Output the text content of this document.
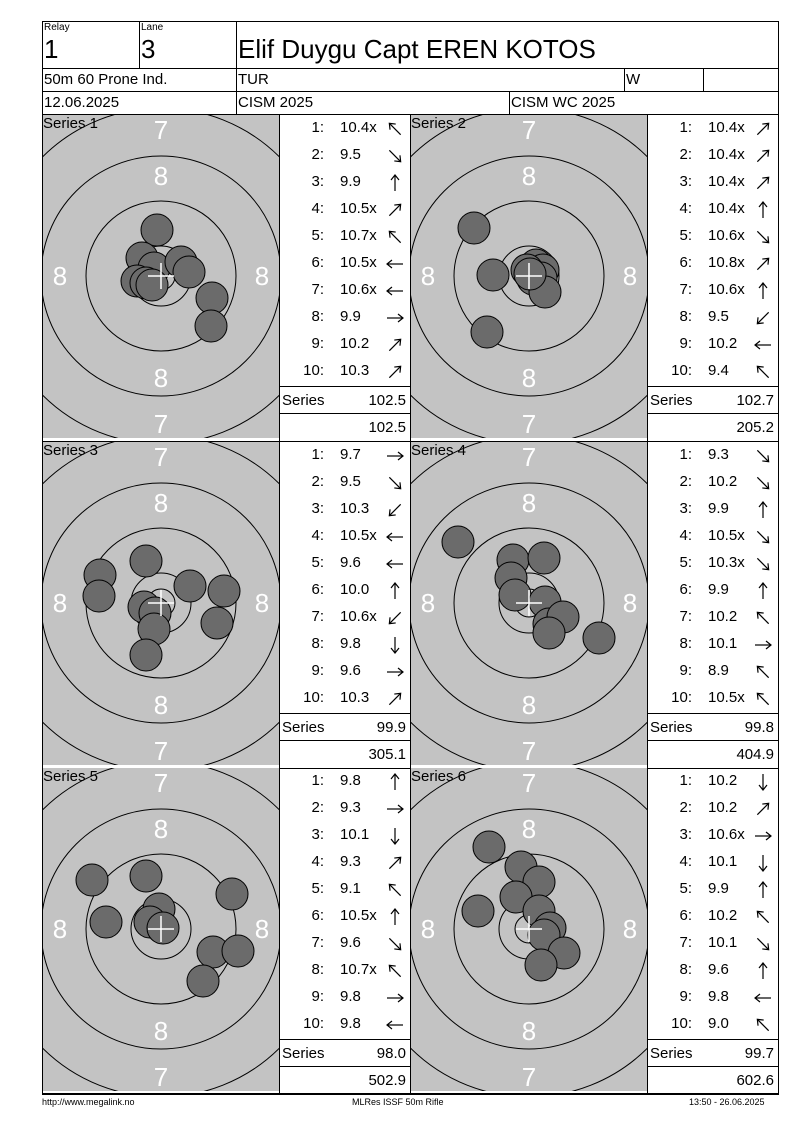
Relay
1
Lane
3	Elif Duygu Capt EREN KOTOS
50m 60 Prone Ind.	TUR	W
12.06.2025	CISM 2025	CISM WC 2025
7
8
8	8
8
7
Series 1	1: 10.4x
2: 9.5
3: 9.9
4: 10.5x
5: 10.7x
6: 10.5x
7: 10.6x
8: 9.9
9: 10.2
10: 10.3
Series	102.5
102.5
7
8
8	8
8
7
Series 2	1: 10.4x
2: 10.4x
3: 10.4x
4: 10.4x
5: 10.6x
6: 10.8x
7: 10.6x
8: 9.5
9: 10.2
10: 9.4
Series	102.7
205.2
7
8
8	8
8
7
Series 3	1: 9.7
2: 9.5
3: 10.3
4: 10.5x
5: 9.6
6: 10.0
7: 10.6x
8: 9.8
9: 9.6
10: 10.3
Series	99.9
305.1
7
8
8	8
8
7
Series 4	1: 9.3
2: 10.2
3: 9.9
4: 10.5x
5: 10.3x
6: 9.9
7: 10.2
8: 10.1
9: 8.9
10: 10.5x
Series	99.8
404.9
7
8
8	8
8
7
Series 5	1: 9.8
2: 9.3
3: 10.1
4: 9.3
5: 9.1
6: 10.5x
7: 9.6
8: 10.7x
9: 9.8
10: 9.8
Series	98.0
502.9
7
8
8	8
8
7
Series 6	1: 10.2
2: 10.2
3: 10.6x
4: 10.1
5: 9.9
6: 10.2
7: 10.1
8: 9.6
9: 9.8
10: 9.0
Series	99.7
602.6
http://www.megalink.no	MLRes ISSF 50m Rifle	13:50 - 26.06.2025
